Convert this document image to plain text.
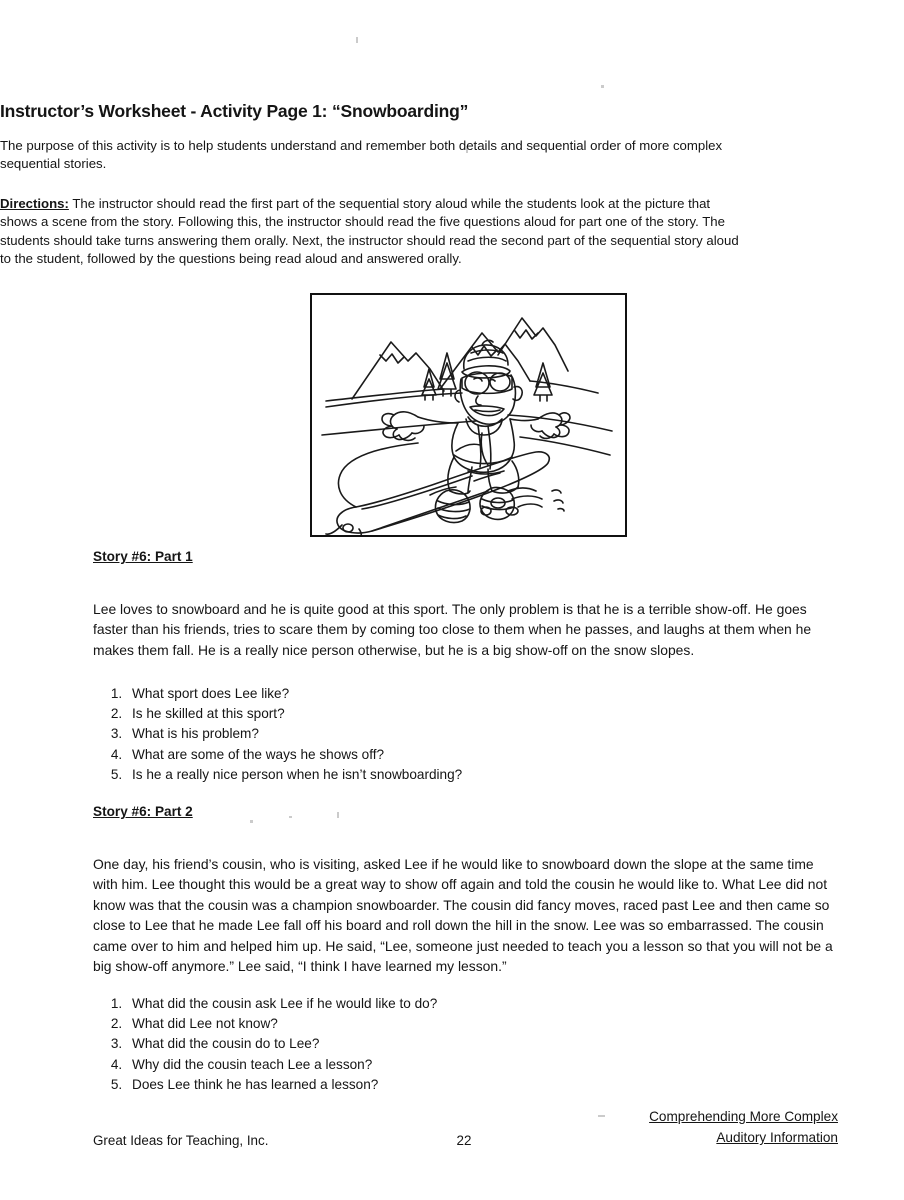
Instructor’s Worksheet - Activity Page 1: “Snowboarding”

The purpose of this activity is to help students understand and remember both details and sequential order of more complex sequential stories.

Directions: The instructor should read the first part of the sequential story aloud while the students look at the picture that shows a scene from the story. Following this, the instructor should read the five questions aloud for part one of the story. The students should take turns answering them orally. Next, the instructor should read the second part of the sequential story aloud to the student, followed by the questions being read aloud and answered orally.

Story #6: Part 1

Lee loves to snowboard and he is quite good at this sport. The only problem is that he is a terrible show-off. He goes faster than his friends, tries to scare them by coming too close to them when he passes, and laughs at them when he makes them fall. He is a really nice person otherwise, but he is a big show-off on the snow slopes.

1. What sport does Lee like?
2. Is he skilled at this sport?
3. What is his problem?
4. What are some of the ways he shows off?
5. Is he a really nice person when he isn’t snowboarding?
Story #6: Part 2

One day, his friend’s cousin, who is visiting, asked Lee if he would like to snowboard down the slope at the same time with him. Lee thought this would be a great way to show off again and told the cousin he would like to. What Lee did not know was that the cousin was a champion snowboarder. The cousin did fancy moves, raced past Lee and then came so close to Lee that he made Lee fall off his board and roll down the hill in the snow. Lee was so embarrassed. The cousin came over to him and helped him up. He said, “Lee, someone just needed to teach you a lesson so that you will not be a big show-off anymore.” Lee said, “I think I have learned my lesson.”

1. What did the cousin ask Lee if he would like to do?
2. What did Lee not know?
3. What did the cousin do to Lee?
4. Why did the cousin teach Lee a lesson?
5. Does Lee think he has learned a lesson?
Great Ideas for Teaching, Inc.	22
Comprehending More Complex
Auditory Information
